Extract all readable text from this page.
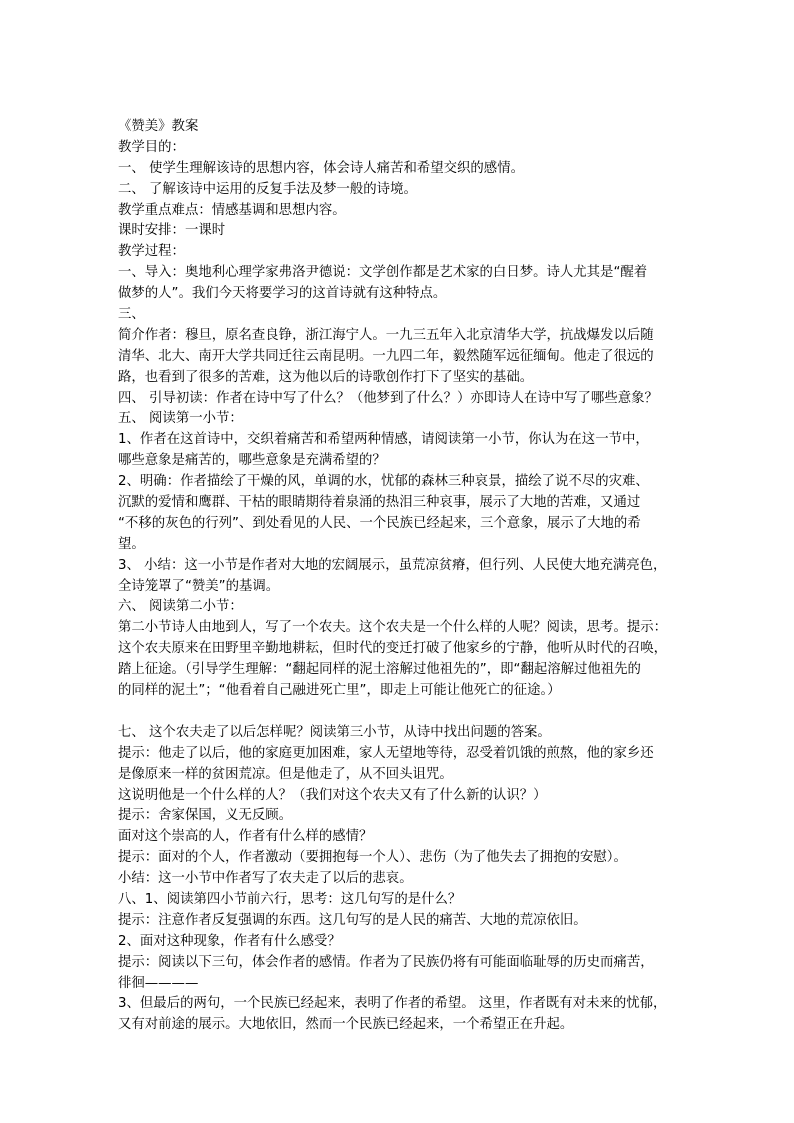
《赞美》教案
教学目的：
一、 使学生理解该诗的思想内容，体会诗人痛苦和希望交织的感情。
二、 了解该诗中运用的反复手法及梦一般的诗境。
教学重点难点：情感基调和思想内容。
课时安排：一课时
教学过程：
一、导入：奥地利心理学家弗洛尹德说：文学创作都是艺术家的白日梦。诗人尤其是“醒着
做梦的人”。我们今天将要学习的这首诗就有这种特点。
三、
简介作者：穆旦，原名查良铮，浙江海宁人。一九三五年入北京清华大学，抗战爆发以后随
清华、北大、南开大学共同迁往云南昆明。一九四二年，毅然随军远征缅甸。他走了很远的
路，也看到了很多的苦难，这为他以后的诗歌创作打下了坚实的基础。
四、 引导初读：作者在诗中写了什么？（他梦到了什么？）亦即诗人在诗中写了哪些意象？
五、 阅读第一小节：
1、作者在这首诗中，交织着痛苦和希望两种情感，请阅读第一小节，你认为在这一节中，
哪些意象是痛苦的，哪些意象是充满希望的？
2、明确：作者描绘了干燥的风，单调的水，忧郁的森林三种哀景，描绘了说不尽的灾难、
沉默的爱情和鹰群、干枯的眼睛期待着泉涌的热泪三种哀事，展示了大地的苦难，又通过
“不移的灰色的行列”、到处看见的人民、一个民族已经起来，三个意象，展示了大地的希
望。
3、 小结：这一小节是作者对大地的宏阔展示，虽荒凉贫瘠，但行列、人民使大地充满亮色，
全诗笼罩了“赞美”的基调。
六、 阅读第二小节：
第二小节诗人由地到人，写了一个农夫。这个农夫是一个什么样的人呢？阅读，思考。提示：
这个农夫原来在田野里辛勤地耕耘，但时代的变迁打破了他家乡的宁静，他听从时代的召唤，
踏上征途。（引导学生理解：“翻起同样的泥土溶解过他祖先的”，即“翻起溶解过他祖先的
的同样的泥土”；“他看着自己融进死亡里”，即走上可能让他死亡的征途。）
七、 这个农夫走了以后怎样呢？阅读第三小节，从诗中找出问题的答案。
提示：他走了以后，他的家庭更加困难，家人无望地等待，忍受着饥饿的煎熬，他的家乡还
是像原来一样的贫困荒凉。但是他走了，从不回头诅咒。
这说明他是一个什么样的人？（我们对这个农夫又有了什么新的认识？）
提示：舍家保国，义无反顾。
面对这个崇高的人，作者有什么样的感情？
提示：面对的个人，作者激动（要拥抱每一个人）、悲伤（为了他失去了拥抱的安慰）。
小结：这一小节中作者写了农夫走了以后的悲哀。
八、1、阅读第四小节前六行，思考：这几句写的是什么？
提示：注意作者反复强调的东西。这几句写的是人民的痛苦、大地的荒凉依旧。
2、面对这种现象，作者有什么感受？
提示：阅读以下三句，体会作者的感情。作者为了民族仍将有可能面临耻辱的历史而痛苦，
徘徊————
3、但最后的两句，一个民族已经起来，表明了作者的希望。 这里，作者既有对未来的忧郁，
又有对前途的展示。大地依旧，然而一个民族已经起来，一个希望正在升起。
